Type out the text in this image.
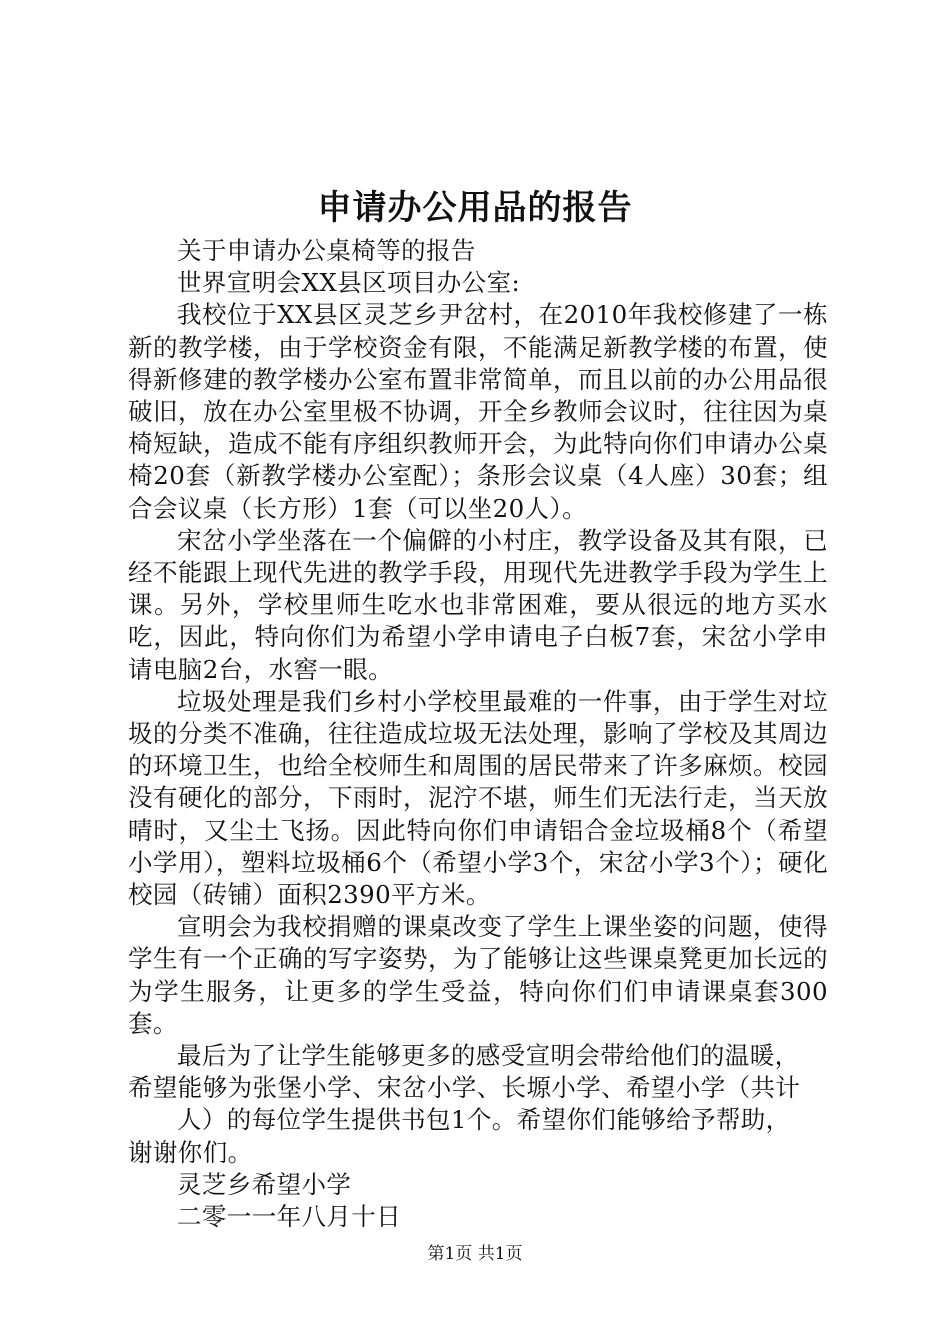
申请办公用品的报告

关于申请办公桌椅等的报告

世界宣明会XX县区项目办公室:

我校位于XX县区灵芝乡尹岔村，在2010年我校修建了一栋新的教学楼，由于学校资金有限，不能满足新教学楼的布置，使得新修建的教学楼办公室布置非常简单，而且以前的办公用品很破旧，放在办公室里极不协调，开全乡教师会议时，往往因为桌椅短缺，造成不能有序组织教师开会，为此特向你们申请办公桌椅20套（新教学楼办公室配）；条形会议桌（4人座）30套；组合会议桌（长方形）1套（可以坐20人）。

宋岔小学坐落在一个偏僻的小村庄，教学设备及其有限，已经不能跟上现代先进的教学手段，用现代先进教学手段为学生上课。另外，学校里师生吃水也非常困难，要从很远的地方买水吃，因此，特向你们为希望小学申请电子白板7套，宋岔小学申请电脑2台，水窖一眼。

垃圾处理是我们乡村小学校里最难的一件事，由于学生对垃圾的分类不准确，往往造成垃圾无法处理，影响了学校及其周边的环境卫生，也给全校师生和周围的居民带来了许多麻烦。校园没有硬化的部分，下雨时，泥泞不堪，师生们无法行走，当天放晴时，又尘土飞扬。因此特向你们申请铝合金垃圾桶8个（希望小学用），塑料垃圾桶6个（希望小学3个，宋岔小学3个）；硬化校园（砖铺）面积2390平方米。

宣明会为我校捐赠的课桌改变了学生上课坐姿的问题，使得学生有一个正确的写字姿势，为了能够让这些课桌凳更加长远的为学生服务，让更多的学生受益，特向你们们申请课桌套300套。

最后为了让学生能够更多的感受宣明会带给他们的温暖，

希望能够为张堡小学、宋岔小学、长塬小学、希望小学（共计

人）的每位学生提供书包1个。希望你们能够给予帮助，

谢谢你们。

灵芝乡希望小学

二零一一年八月十日

第1页 共1页
